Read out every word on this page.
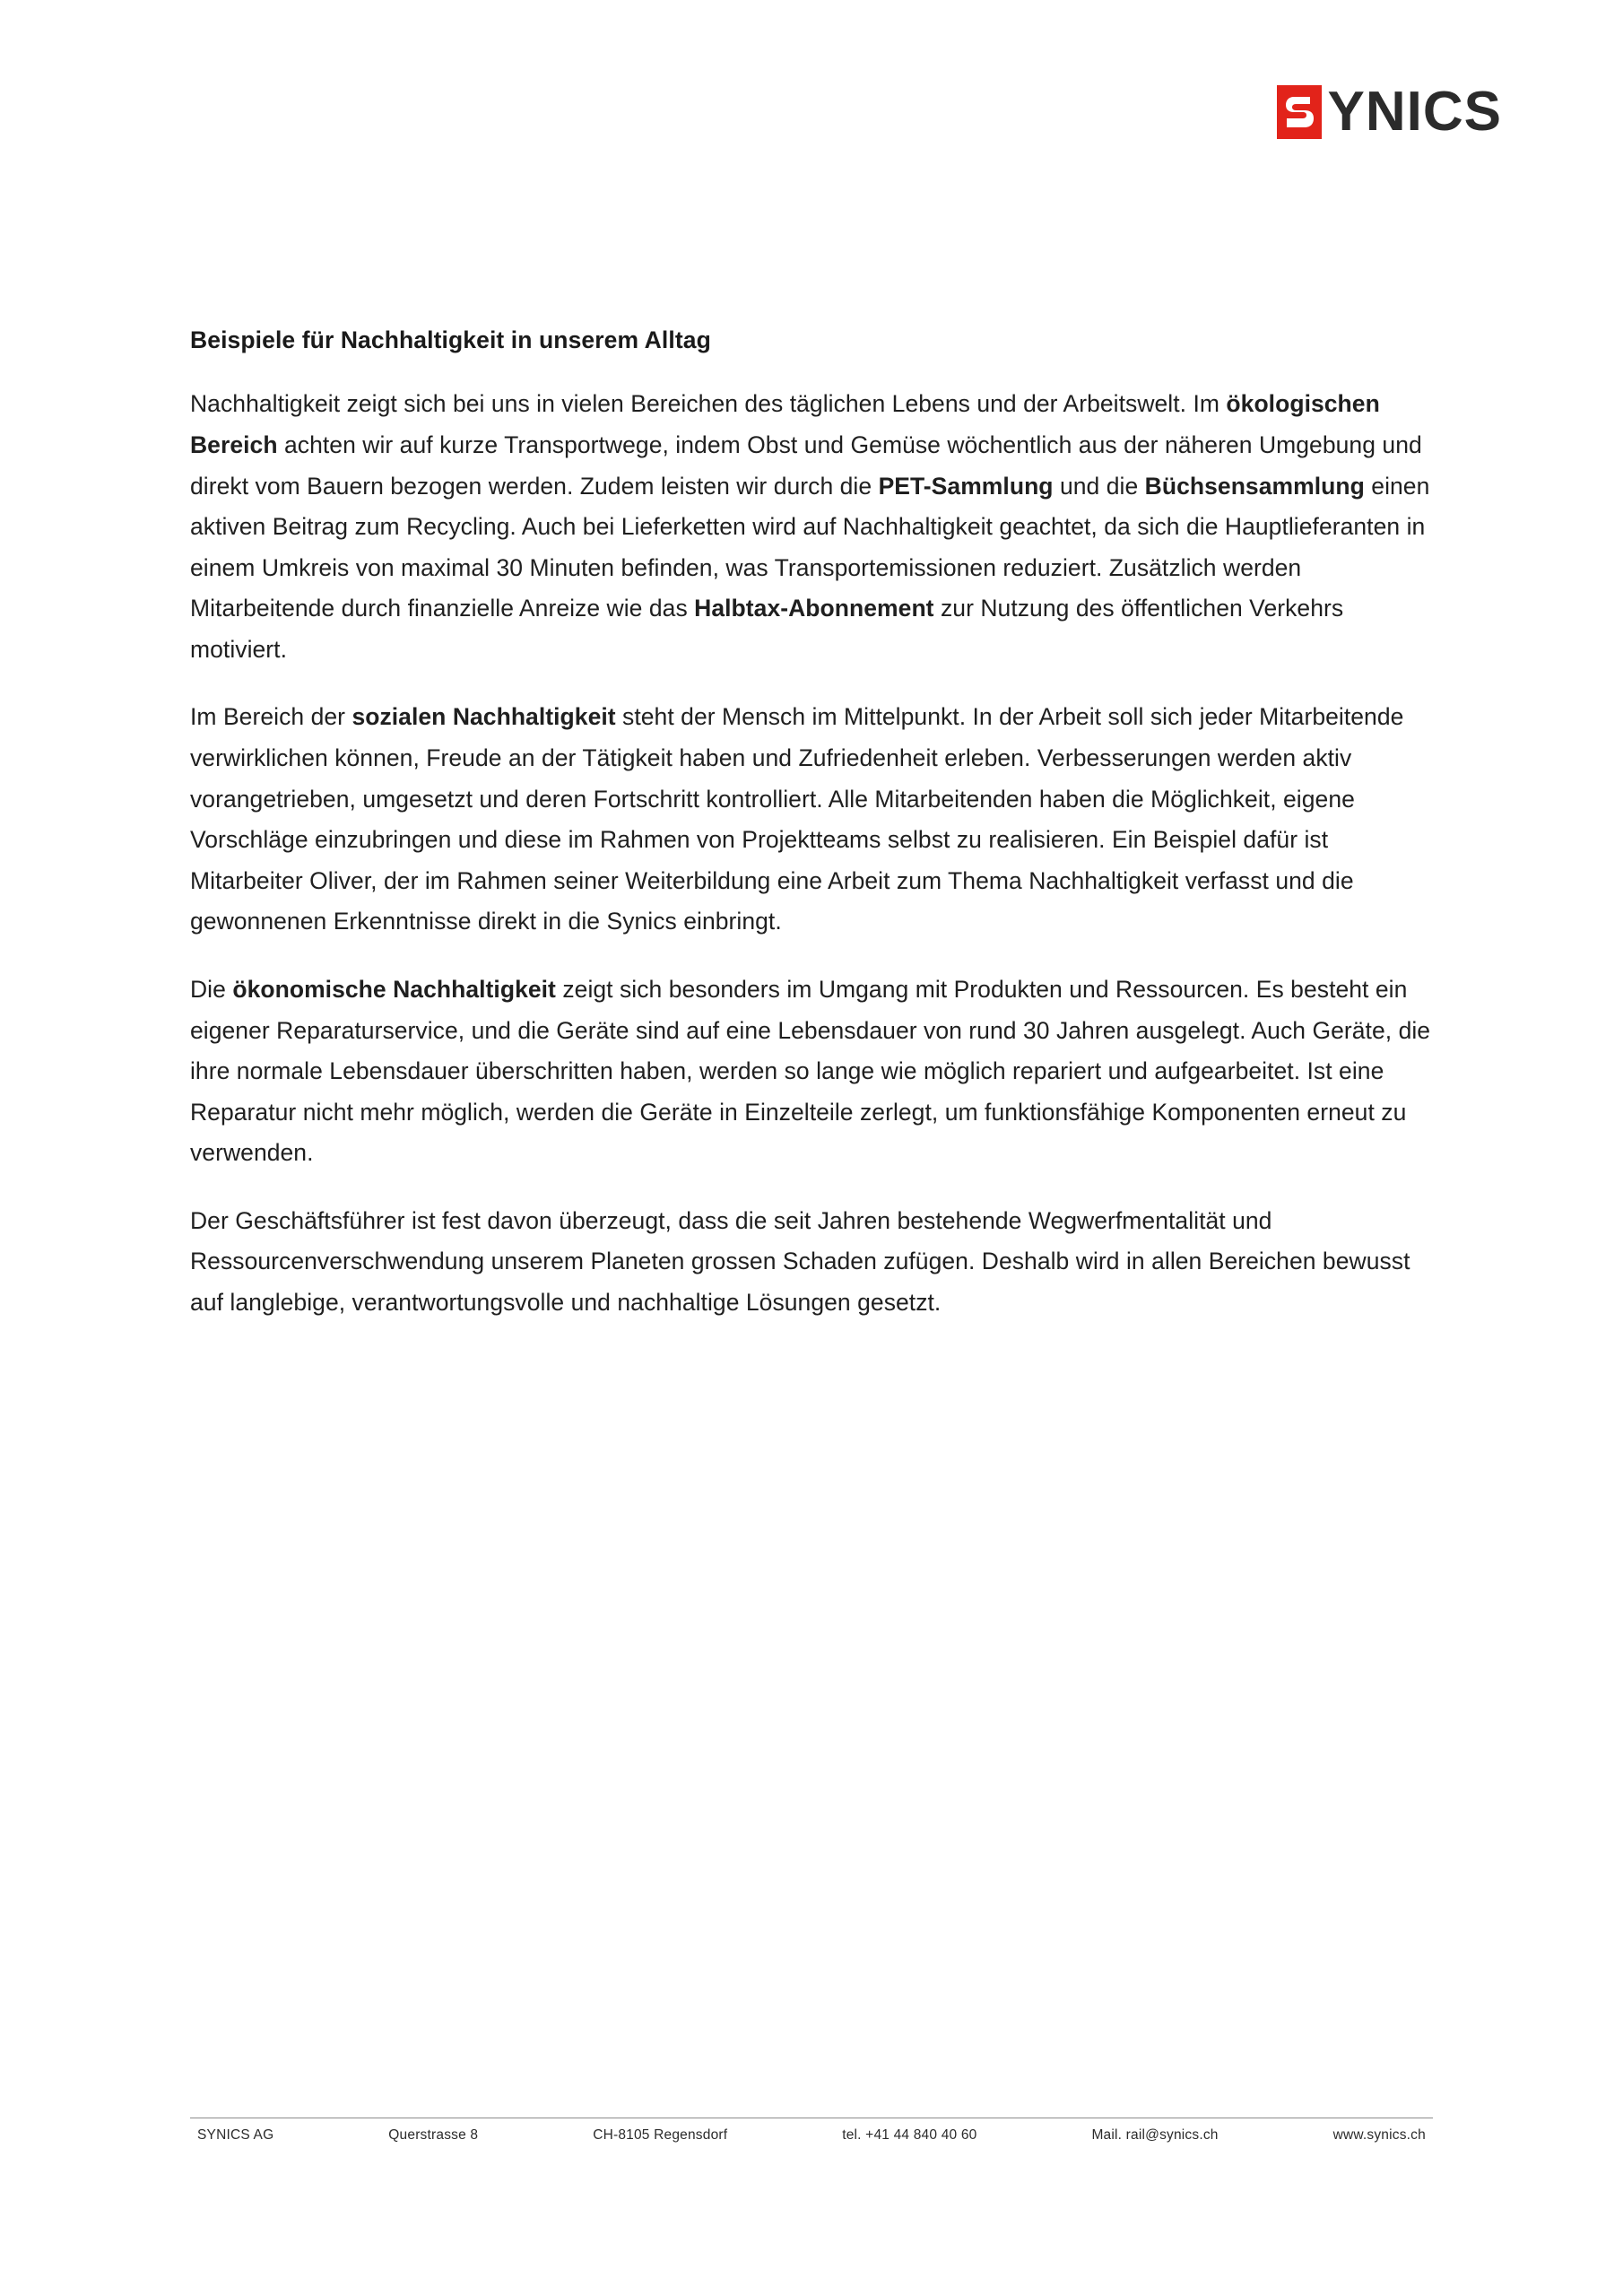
YNICS
Beispiele für Nachhaltigkeit in unserem Alltag

Nachhaltigkeit zeigt sich bei uns in vielen Bereichen des täglichen Lebens und der Arbeitswelt. Im ökologischen Bereich achten wir auf kurze Transportwege, indem Obst und Gemüse wöchentlich aus der näheren Umgebung und direkt vom Bauern bezogen werden. Zudem leisten wir durch die PET-Sammlung und die Büchsensammlung einen aktiven Beitrag zum Recycling. Auch bei Lieferketten wird auf Nachhaltigkeit geachtet, da sich die Hauptlieferanten in einem Umkreis von maximal 30 Minuten befinden, was Transportemissionen reduziert. Zusätzlich werden Mitarbeitende durch finanzielle Anreize wie das Halbtax-Abonnement zur Nutzung des öffentlichen Verkehrs motiviert.

Im Bereich der sozialen Nachhaltigkeit steht der Mensch im Mittelpunkt. In der Arbeit soll sich jeder Mitarbeitende verwirklichen können, Freude an der Tätigkeit haben und Zufriedenheit erleben. Verbesserungen werden aktiv vorangetrieben, umgesetzt und deren Fortschritt kontrolliert. Alle Mitarbeitenden haben die Möglichkeit, eigene Vorschläge einzubringen und diese im Rahmen von Projektteams selbst zu realisieren. Ein Beispiel dafür ist Mitarbeiter Oliver, der im Rahmen seiner Weiterbildung eine Arbeit zum Thema Nachhaltigkeit verfasst und die gewonnenen Erkenntnisse direkt in die Synics einbringt.

Die ökonomische Nachhaltigkeit zeigt sich besonders im Umgang mit Produkten und Ressourcen. Es besteht ein eigener Reparaturservice, und die Geräte sind auf eine Lebensdauer von rund 30 Jahren ausgelegt. Auch Geräte, die ihre normale Lebensdauer überschritten haben, werden so lange wie möglich repariert und aufgearbeitet. Ist eine Reparatur nicht mehr möglich, werden die Geräte in Einzelteile zerlegt, um funktionsfähige Komponenten erneut zu verwenden.

Der Geschäftsführer ist fest davon überzeugt, dass die seit Jahren bestehende Wegwerfmentalität und Ressourcenverschwendung unserem Planeten grossen Schaden zufügen. Deshalb wird in allen Bereichen bewusst auf langlebige, verantwortungsvolle und nachhaltige Lösungen gesetzt.

SYNICS AG	Querstrasse 8	CH-8105 Regensdorf	tel. +41 44 840 40 60	Mail. rail@synics.ch	www.synics.ch
